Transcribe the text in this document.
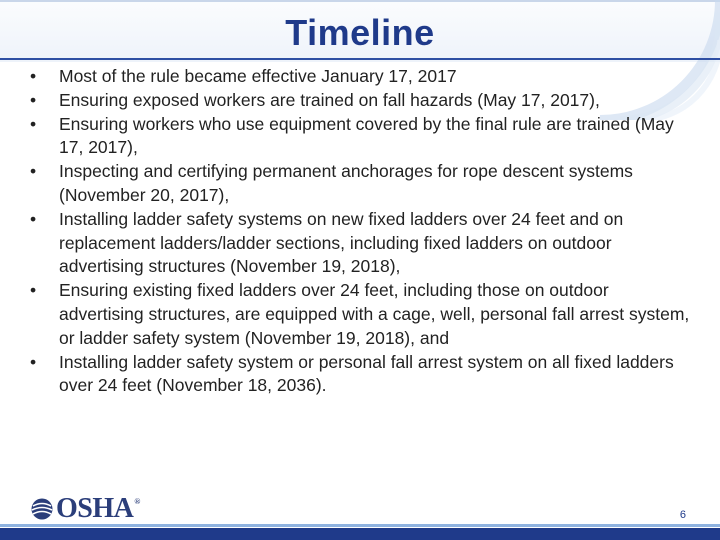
Timeline
•	Most of the rule became effective January 17, 2017
•	Ensuring exposed workers are trained on fall hazards (May 17, 2017),
•	Ensuring workers who use equipment covered by the final rule are trained (May 17, 2017),
•	Inspecting and certifying permanent anchorages for rope descent systems (November 20, 2017),
•	Installing ladder safety systems on new fixed ladders over 24 feet and on replacement ladders/ladder sections, including fixed ladders on outdoor advertising structures (November 19, 2018),
•	Ensuring existing fixed ladders over 24 feet, including those on outdoor advertising structures, are equipped with a cage, well, personal fall arrest system, or ladder safety system (November 19, 2018), and
•	Installing ladder safety system or personal fall arrest system on all fixed ladders over 24 feet (November 18, 2036).
OSHA ®
6
